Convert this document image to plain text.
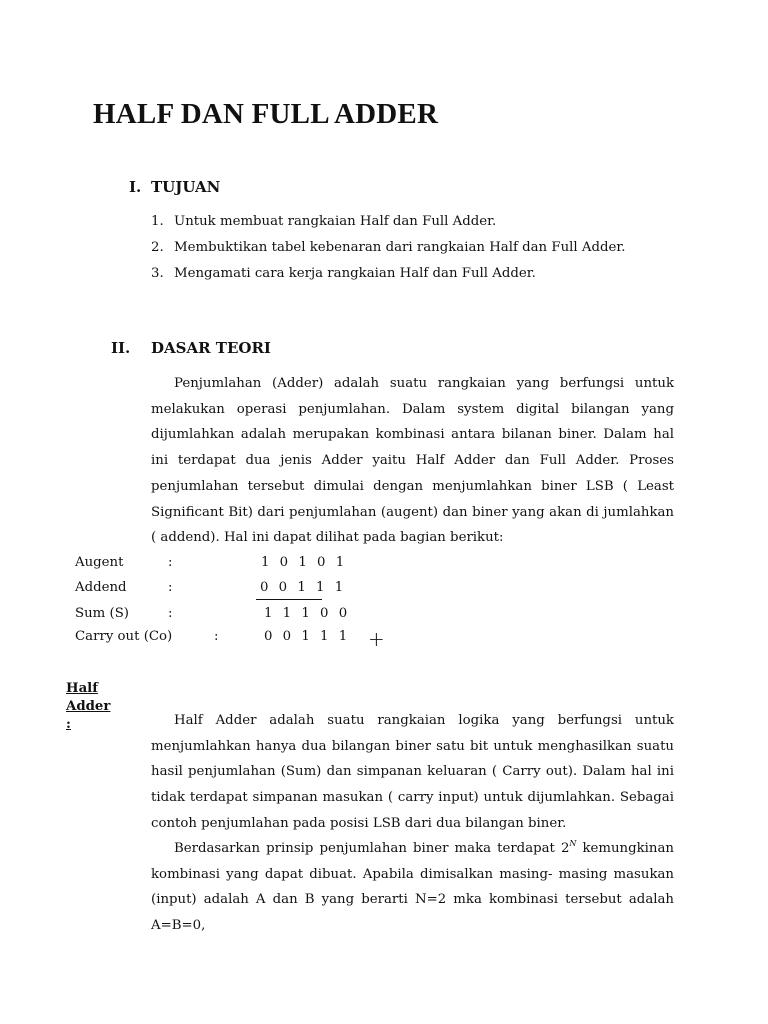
HALF DAN FULL ADDER
I. TUJUAN
1. Untuk membuat rangkaian Half dan Full Adder.
2. Membuktikan tabel kebenaran dari rangkaian Half dan Full Adder.
3. Mengamati cara kerja rangkaian Half dan Full Adder.
II. DASAR TEORI
Penjumlahan (Adder) adalah suatu rangkaian yang berfungsi untuk melakukan operasi penjumlahan. Dalam system digital bilangan yang dijumlahkan adalah merupakan kombinasi antara bilanan biner. Dalam hal ini terdapat dua jenis Adder yaitu Half Adder dan Full Adder. Proses penjumlahan tersebut dimulai dengan menjumlahkan biner LSB ( Least Significant Bit) dari penjumlahan (augent) dan biner yang akan di jumlahkan ( addend). Hal ini dapat dilihat pada bagian berikut:
Augent	:	1 0 1 0 1
Addend	:	0 0 1 1 1
Sum (S)	:	1 1 1 0 0
Carry out (Co)	:	0 0 1 1 1 +
Half Adder
:	Half Adder adalah suatu rangkaian logika yang berfungsi untuk menjumlahkan hanya dua bilangan biner satu bit untuk menghasilkan suatu hasil penjumlahan (Sum) dan simpanan keluaran ( Carry out). Dalam hal ini tidak terdapat simpanan masukan ( carry input) untuk dijumlahkan. Sebagai contoh penjumlahan pada posisi LSB dari dua bilangan biner.
Berdasarkan prinsip penjumlahan biner maka terdapat $2^N$ kemungkinan kombinasi yang dapat dibuat. Apabila dimisalkan masing- masing masukan (input) adalah A dan B yang berarti N=2 mka kombinasi tersebut adalah A=B=0,
